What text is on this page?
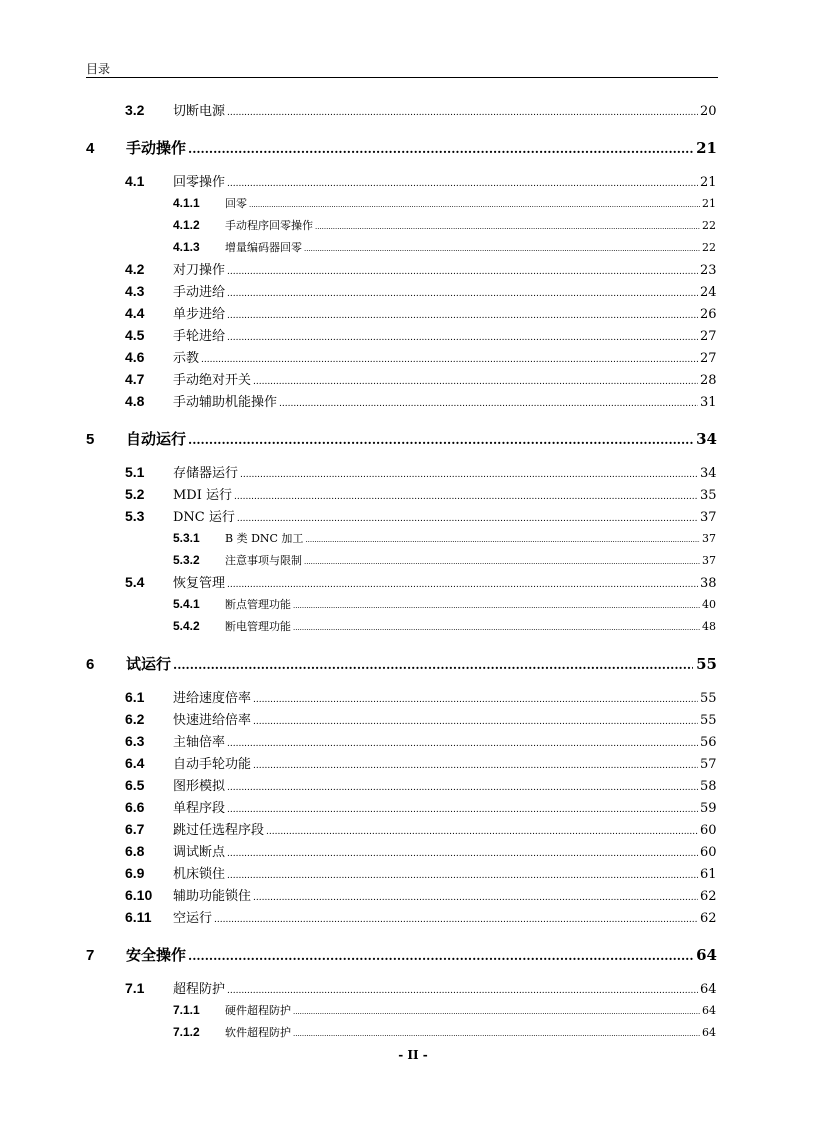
目录
3.2	切断电源 .....	20
4	手动操作 .....	21
4.1	回零操作 .....	21
4.1.1	回零 .....	21
4.1.2	手动程序回零操作 .....	22
4.1.3	增量编码器回零 .....	22
4.2	对刀操作 .....	23
4.3	手动进给 .....	24
4.4	单步进给 .....	26
4.5	手轮进给 .....	27
4.6	示教 .....	27
4.7	手动绝对开关 .....	28
4.8	手动辅助机能操作 .....	31
5	自动运行 .....	34
5.1	存储器运行 .....	34
5.2	MDI 运行 .....	35
5.3	DNC 运行 .....	37
5.3.1	B 类 DNC 加工 .....	37
5.3.2	注意事项与限制 .....	37
5.4	恢复管理 .....	38
5.4.1	断点管理功能 .....	40
5.4.2	断电管理功能 .....	48
6	试运行 .....	55
6.1	进给速度倍率 .....	55
6.2	快速进给倍率 .....	55
6.3	主轴倍率 .....	56
6.4	自动手轮功能 .....	57
6.5	图形模拟 .....	58
6.6	单程序段 .....	59
6.7	跳过任选程序段 .....	60
6.8	调试断点 .....	60
6.9	机床锁住 .....	61
6.10	辅助功能锁住 .....	62
6.11	空运行 .....	62
7	安全操作 .....	64
7.1	超程防护 .....	64
7.1.1	硬件超程防护 .....	64
7.1.2	软件超程防护 .....	64
- II -
